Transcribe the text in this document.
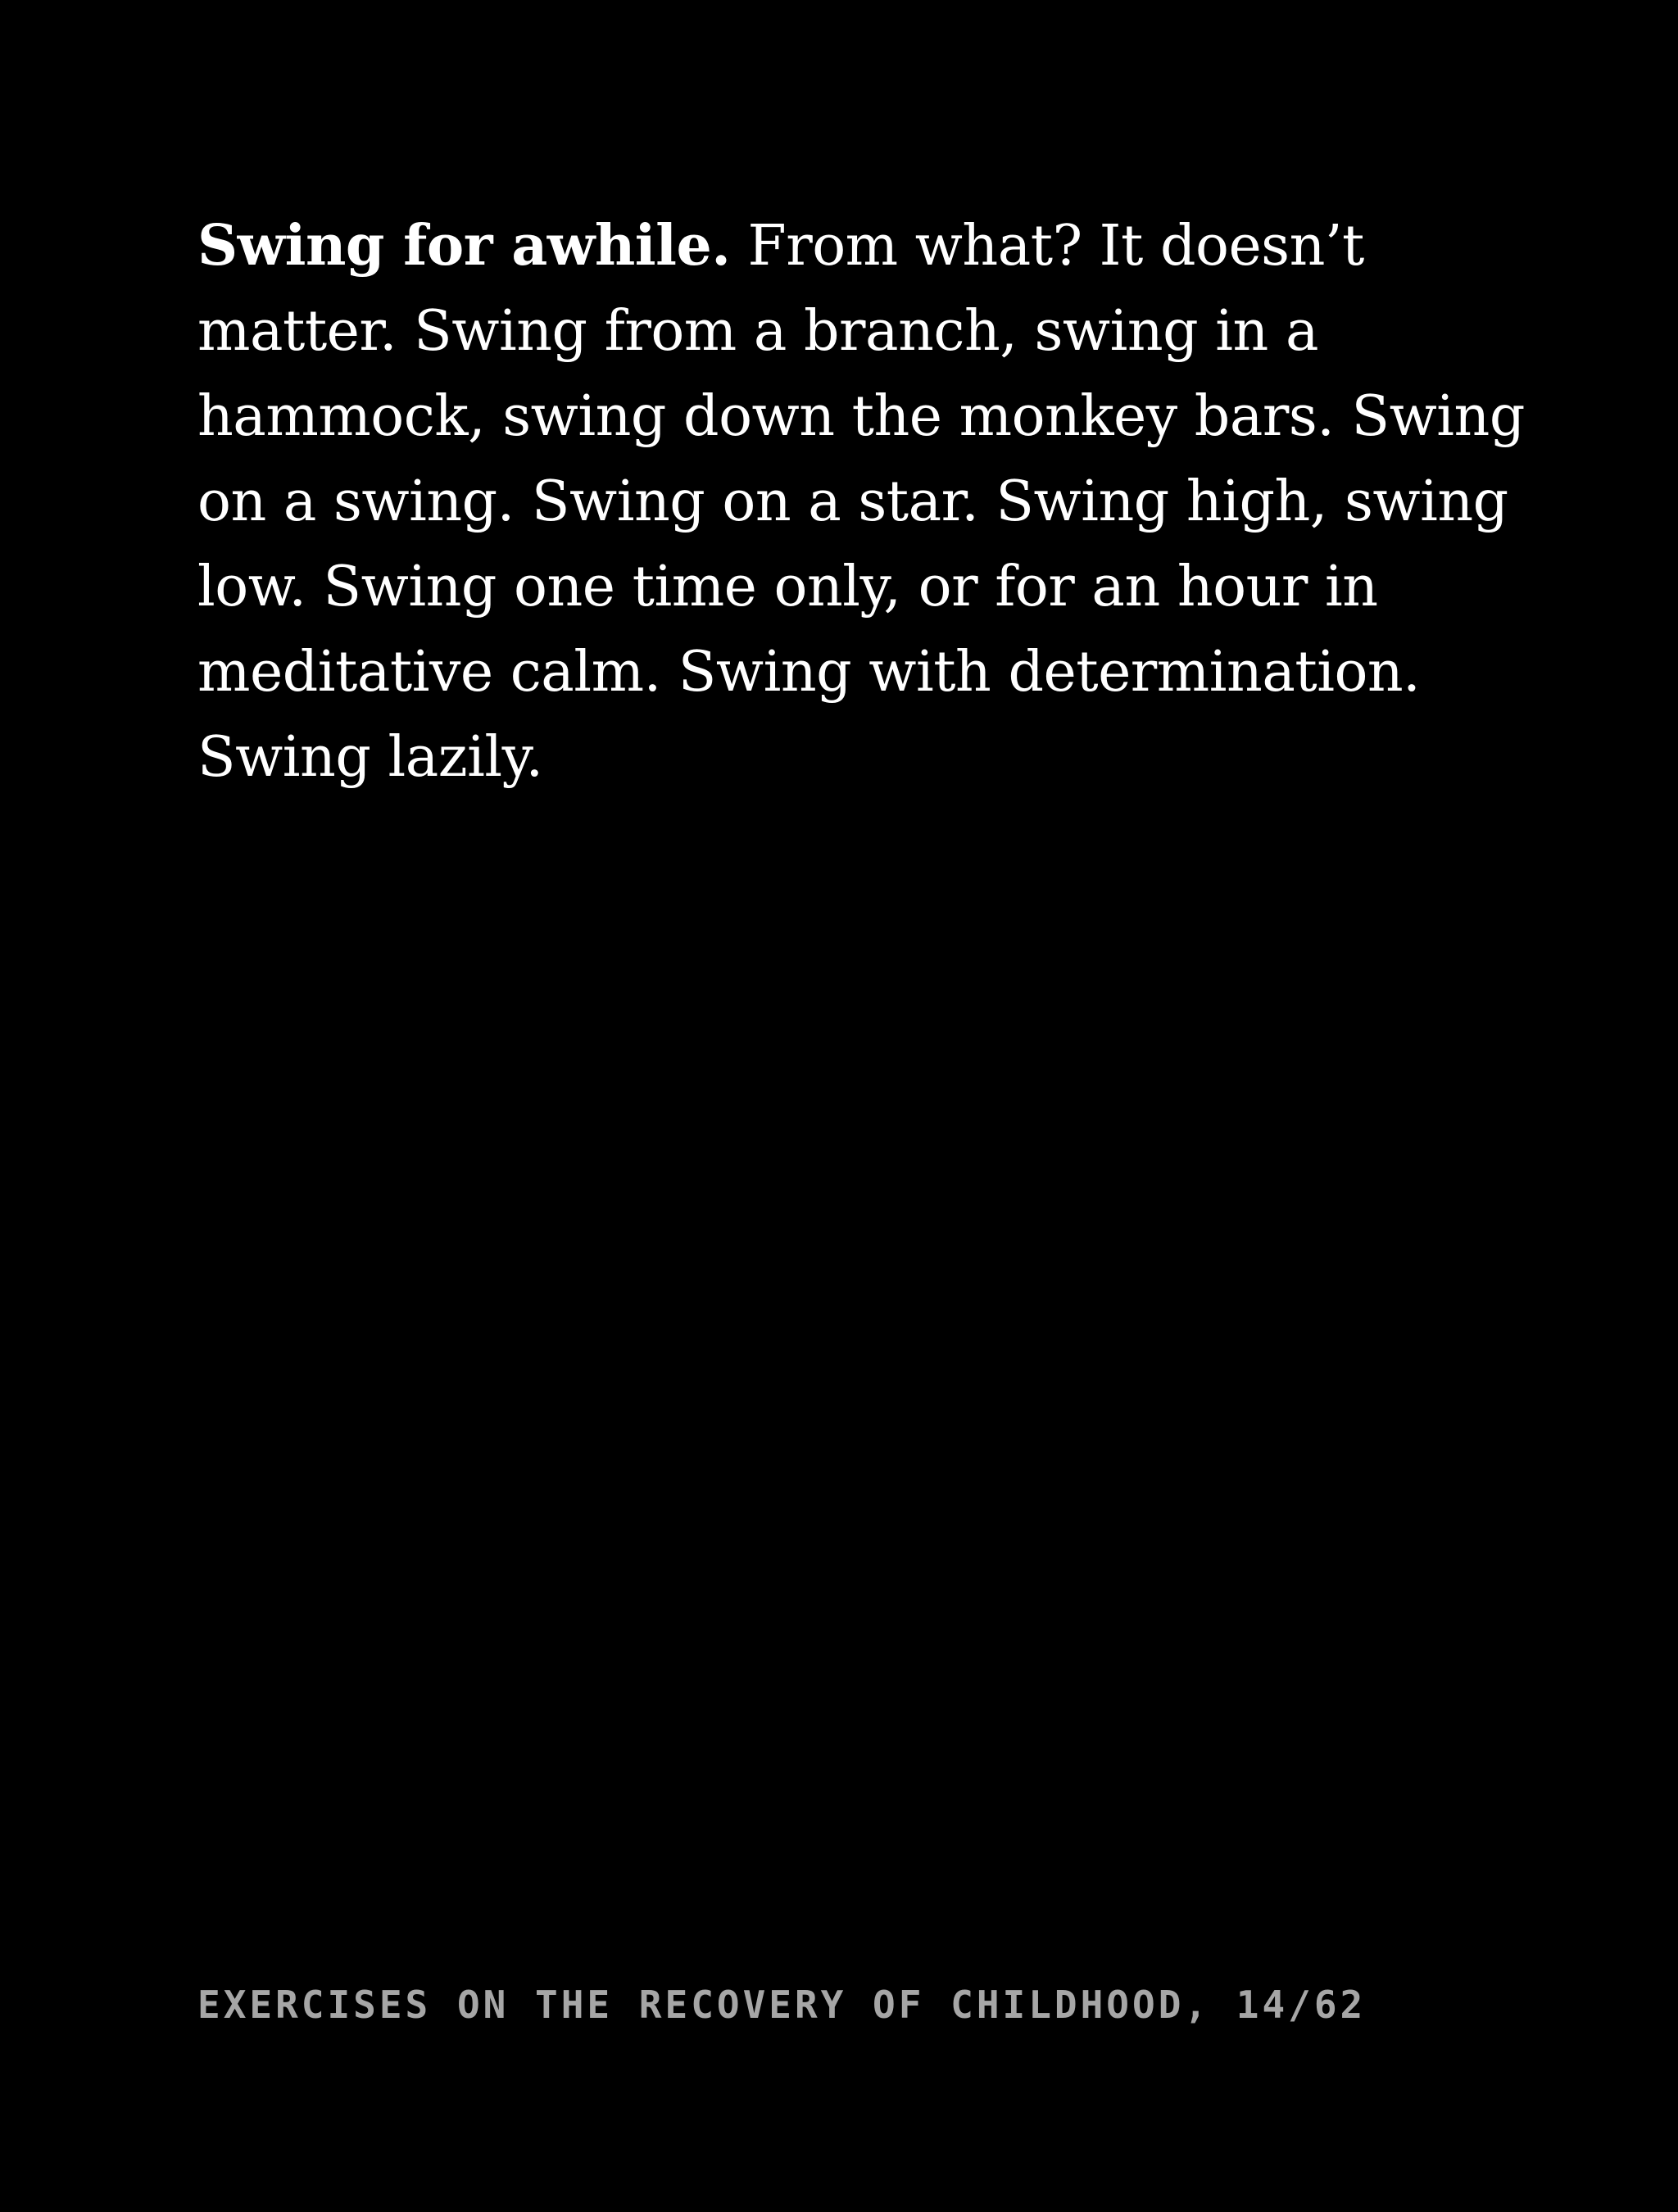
Swing for awhile. From what? It doesn’t matter. Swing from a branch, swing in a hammock, swing down the monkey bars. Swing on a swing. Swing on a star. Swing high, swing low. Swing one time only, or for an hour in meditative calm. Swing with determination. Swing lazily.

EXERCISES ON THE RECOVERY OF CHILDHOOD, 14/62
